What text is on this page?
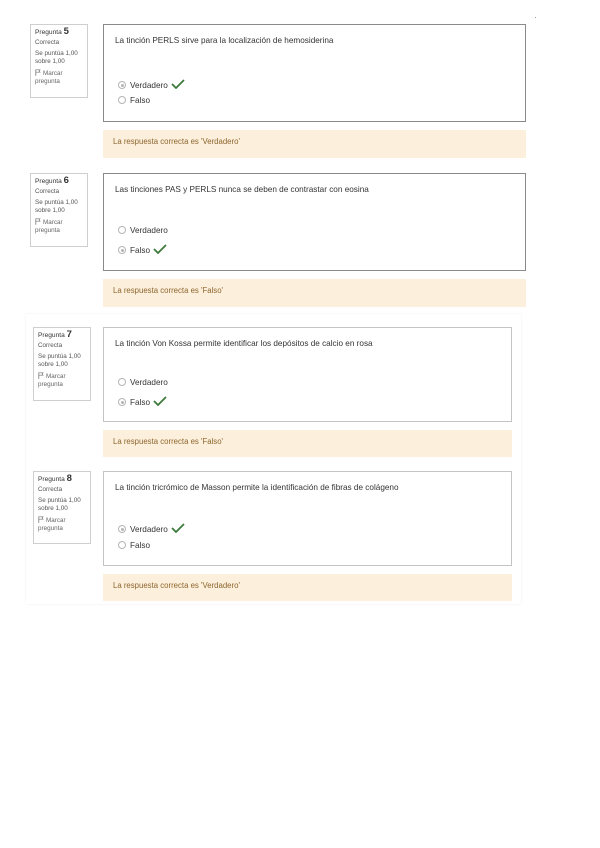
Pregunta 5
Correcta
Se puntúa 1,00 sobre 1,00
Marcar pregunta
La tinción PERLS sirve para la localización de hemosiderina
Verdadero
Falso
La respuesta correcta es 'Verdadero'
Pregunta 6
Correcta
Se puntúa 1,00 sobre 1,00
Marcar pregunta
Las tinciones PAS y PERLS nunca se deben de contrastar con eosina
Verdadero
Falso
La respuesta correcta es 'Falso'
Pregunta 7
Correcta
Se puntúa 1,00 sobre 1,00
Marcar pregunta
La tinción Von Kossa permite identificar los depósitos de calcio en rosa
Verdadero
Falso
La respuesta correcta es 'Falso'
Pregunta 8
Correcta
Se puntúa 1,00 sobre 1,00
Marcar pregunta
La tinción tricrómico de Masson permite la identificación de fibras de colágeno
Verdadero
Falso
La respuesta correcta es 'Verdadero'
